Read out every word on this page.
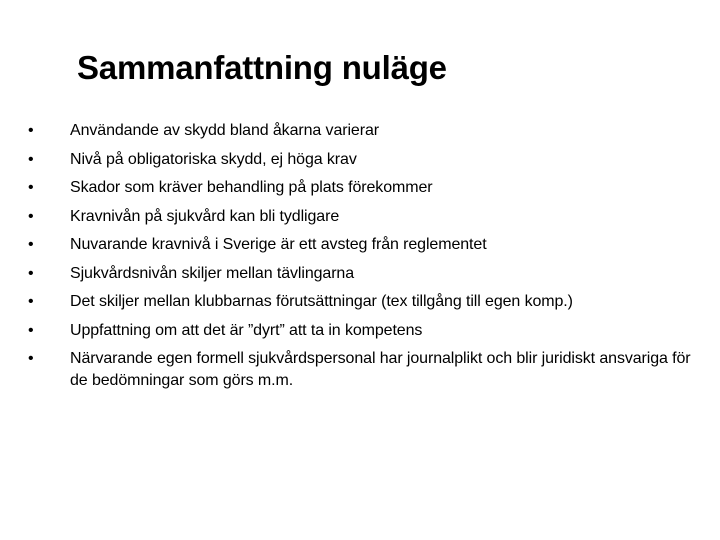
Sammanfattning nuläge
•	Användande av skydd bland åkarna varierar
•	Nivå på obligatoriska skydd, ej höga krav
•	Skador som kräver behandling på plats förekommer
•	Kravnivån på sjukvård kan bli tydligare
•	Nuvarande kravnivå i Sverige är ett avsteg från reglementet
•	Sjukvårdsnivån skiljer mellan tävlingarna
•	Det skiljer mellan klubbarnas förutsättningar (tex tillgång till egen komp.)
•	Uppfattning om att det är ”dyrt” att ta in kompetens
•	Närvarande egen formell sjukvårdspersonal har journalplikt och blir juridiskt ansvariga för de bedömningar som görs m.m.
